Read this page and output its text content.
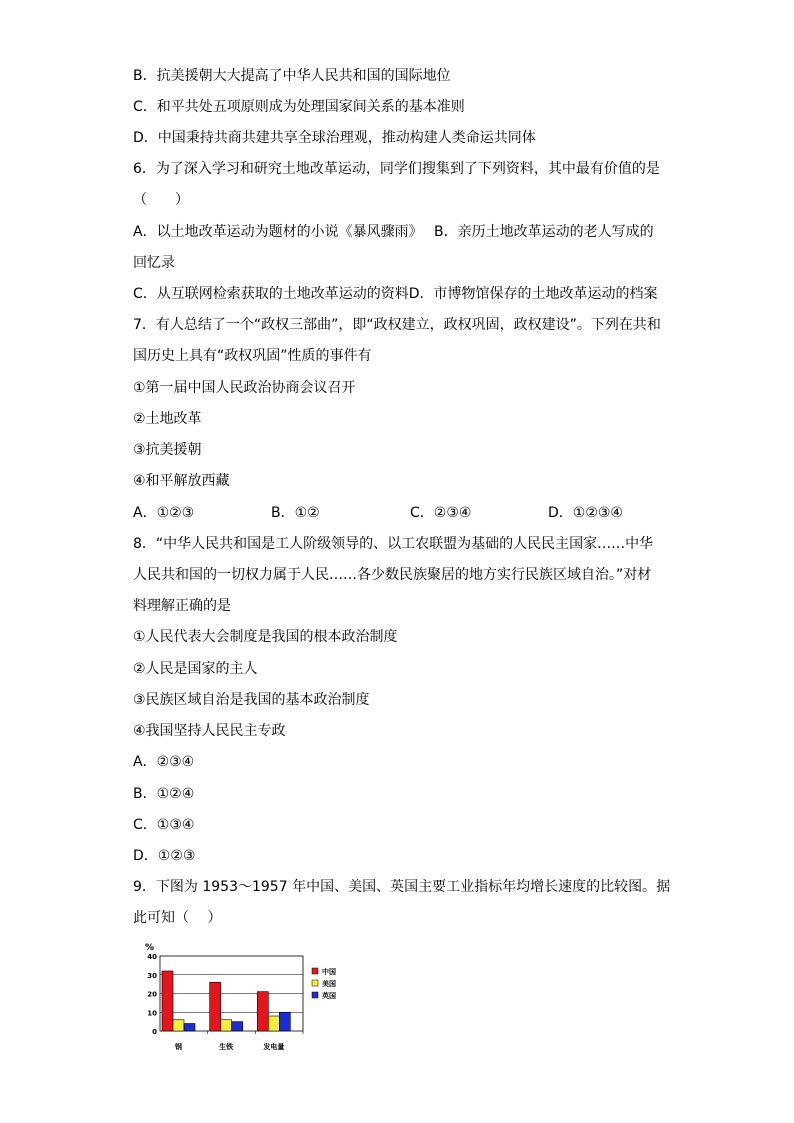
B．抗美援朝大大提高了中华人民共和国的国际地位
C．和平共处五项原则成为处理国家间关系的基本准则
D．中国秉持共商共建共享全球治理观，推动构建人类命运共同体
6．为了深入学习和研究土地改革运动，同学们搜集到了下列资料，其中最有价值的是
（　　）
A．以土地改革运动为题材的小说《暴风骤雨》　 B．亲历土地改革运动的老人写成的
回忆录
C．从互联网检索获取的土地改革运动的资料D．市博物馆保存的土地改革运动的档案
7．有人总结了一个“政权三部曲”，即“政权建立，政权巩固，政权建设”。下列在共和
国历史上具有“政权巩固”性质的事件有
①第一届中国人民政治协商会议召开
②土地改革
③抗美援朝
④和平解放西藏
A．①②③	B．①②	C．②③④	D．①②③④
8．“中华人民共和国是工人阶级领导的、以工农联盟为基础的人民民主国家……中华
人民共和国的一切权力属于人民……各少数民族聚居的地方实行民族区域自治。”对材
料理解正确的是
①人民代表大会制度是我国的根本政治制度
②人民是国家的主人
③民族区域自治是我国的基本政治制度
④我国坚持人民民主专政
A．②③④
B．①②④
C．①③④
D．①②③
9．下图为 1953～1957 年中国、美国、英国主要工业指标年均增长速度的比较图。据
此可知（　 ）
%
0
10
20
30
40
钢	生铁	发电量
中国
美国
英国
